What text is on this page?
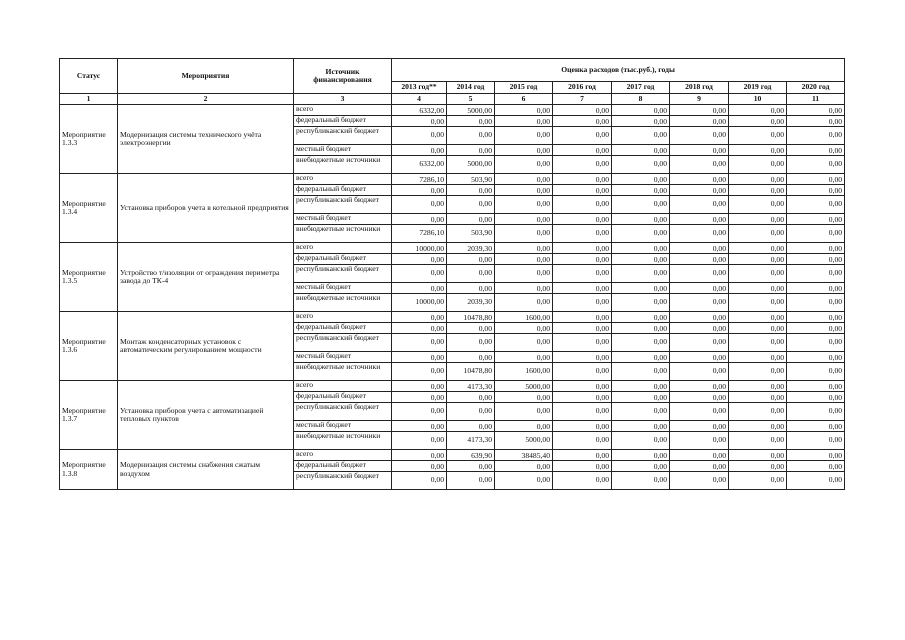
Статус	Мероприятия	Источник финансирования	Оценка расходов (тыс.руб.), годы							
			2013 год**	2014 год	2015 год	2016 год	2017 год	2018 год	2019 год	2020 год
1	2	3	4	5	6	7	8	9	10	11
Мероприятие 1.3.3	Модернизация системы технического учёта электроэнергии	всего	6332,00	5000,00	0,00	0,00	0,00	0,00	0,00	0,00
		федеральный бюджет	0,00	0,00	0,00	0,00	0,00	0,00	0,00	0,00
		республиканский бюджет	0,00	0,00	0,00	0,00	0,00	0,00	0,00	0,00
		местный бюджет	0,00	0,00	0,00	0,00	0,00	0,00	0,00	0,00
		внебюджетные источники	6332,00	5000,00	0,00	0,00	0,00	0,00	0,00	0,00
Мероприятие 1.3.4	Установка приборов учета в котельной предприятия	всего	7286,10	503,90	0,00	0,00	0,00	0,00	0,00	0,00
		федеральный бюджет	0,00	0,00	0,00	0,00	0,00	0,00	0,00	0,00
		республиканский бюджет	0,00	0,00	0,00	0,00	0,00	0,00	0,00	0,00
		местный бюджет	0,00	0,00	0,00	0,00	0,00	0,00	0,00	0,00
		внебюджетные источники	7286,10	503,90	0,00	0,00	0,00	0,00	0,00	0,00
Мероприятие 1.3.5	Устройство т/изоляции от ограждения периметра завода до ТК-4	всего	10000,00	2039,30	0,00	0,00	0,00	0,00	0,00	0,00
		федеральный бюджет	0,00	0,00	0,00	0,00	0,00	0,00	0,00	0,00
		республиканский бюджет	0,00	0,00	0,00	0,00	0,00	0,00	0,00	0,00
		местный бюджет	0,00	0,00	0,00	0,00	0,00	0,00	0,00	0,00
		внебюджетные источники	10000,00	2039,30	0,00	0,00	0,00	0,00	0,00	0,00
Мероприятие 1.3.6	Монтаж конденсаторных установок с автоматическим регулированием мощности	всего	0,00	10478,80	1600,00	0,00	0,00	0,00	0,00	0,00
		федеральный бюджет	0,00	0,00	0,00	0,00	0,00	0,00	0,00	0,00
		республиканский бюджет	0,00	0,00	0,00	0,00	0,00	0,00	0,00	0,00
		местный бюджет	0,00	0,00	0,00	0,00	0,00	0,00	0,00	0,00
		внебюджетные источники	0,00	10478,80	1600,00	0,00	0,00	0,00	0,00	0,00
Мероприятие 1.3.7	Установка приборов учета с автоматизацией тепловых пунктов	всего	0,00	4173,30	5000,00	0,00	0,00	0,00	0,00	0,00
		федеральный бюджет	0,00	0,00	0,00	0,00	0,00	0,00	0,00	0,00
		республиканский бюджет	0,00	0,00	0,00	0,00	0,00	0,00	0,00	0,00
		местный бюджет	0,00	0,00	0,00	0,00	0,00	0,00	0,00	0,00
		внебюджетные источники	0,00	4173,30	5000,00	0,00	0,00	0,00	0,00	0,00
Мероприятие 1.3.8	Модернизация системы снабжения сжатым воздухом	всего	0,00	639,90	38485,40	0,00	0,00	0,00	0,00	0,00
		федеральный бюджет	0,00	0,00	0,00	0,00	0,00	0,00	0,00	0,00
		республиканский бюджет	0,00	0,00	0,00	0,00	0,00	0,00	0,00	0,00
